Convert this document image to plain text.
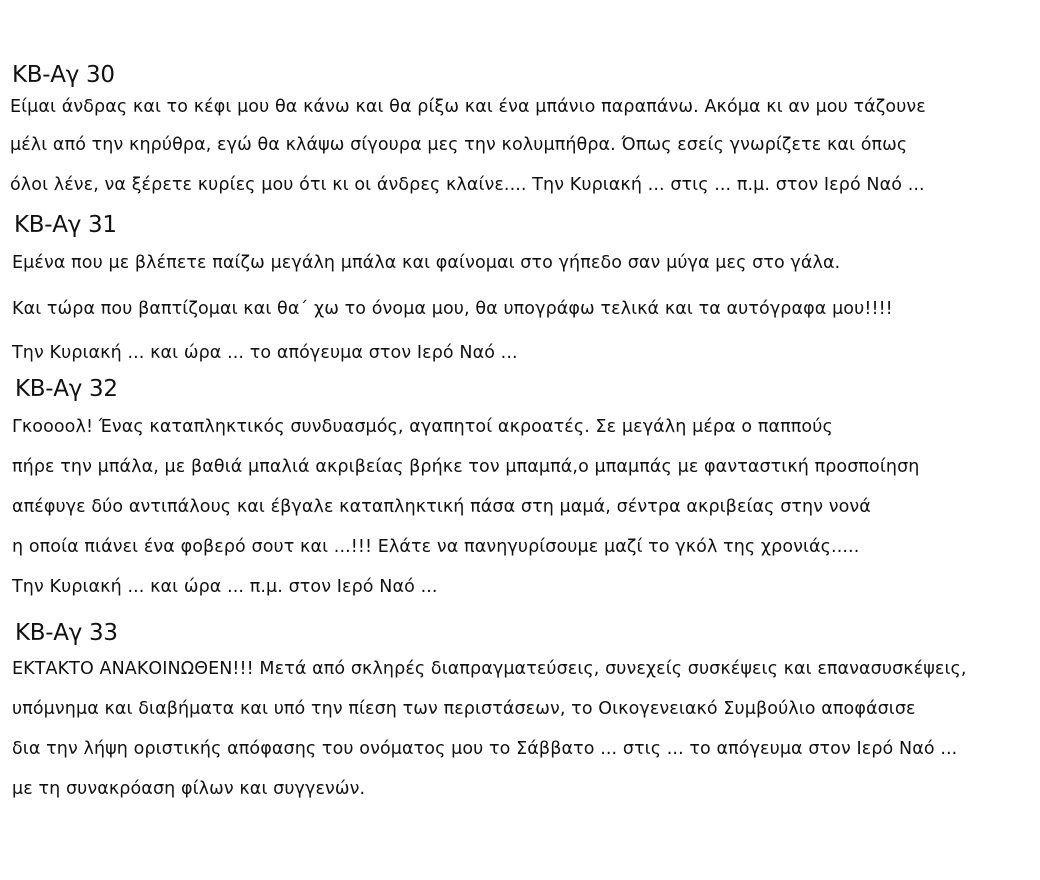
ΚΒ-Αγ 30
Είμαι άνδρας και το κέφι μου θα κάνω και θα ρίξω και ένα μπάνιο παραπάνω. Ακόμα κι αν μου τάζουνε
μέλι από την κηρύθρα, εγώ θα κλάψω σίγουρα μες την κολυμπήθρα. Όπως εσείς γνωρίζετε και όπως
όλοι λένε, να ξέρετε κυρίες μου ότι κι οι άνδρες κλαίνε.... Την Κυριακή ... στις ... π.μ. στον Ιερό Ναό ...
ΚΒ-Αγ 31
Εμένα που με βλέπετε παίζω μεγάλη μπάλα και φαίνομαι στο γήπεδο σαν μύγα μες στο γάλα.
Και τώρα που βαπτίζομαι και θα΄ χω το όνομα μου, θα υπογράφω τελικά και τα αυτόγραφα μου!!!!
Την Κυριακή ... και ώρα ... το απόγευμα στον Ιερό Ναό ...
ΚΒ-Αγ 32
Γκοοοολ! Ένας καταπληκτικός συνδυασμός, αγαπητοί ακροατές. Σε μεγάλη μέρα ο παππούς
πήρε την μπάλα, με βαθιά μπαλιά ακριβείας βρήκε τον μπαμπά,ο μπαμπάς με φανταστική προσποίηση
απέφυγε δύο αντιπάλους και έβγαλε καταπληκτική πάσα στη μαμά, σέντρα ακριβείας στην νονά
η οποία πιάνει ένα φοβερό σουτ και ...!!! Ελάτε να πανηγυρίσουμε μαζί το γκόλ της χρονιάς.....
Την Κυριακή ... και ώρα ... π.μ. στον Ιερό Ναό ...
ΚΒ-Αγ 33
ΕΚΤΑΚΤΟ ΑΝΑΚΟΙΝΩΘΕΝ!!! Μετά από σκληρές διαπραγματεύσεις, συνεχείς συσκέψεις και επανασυσκέψεις,
υπόμνημα και διαβήματα και υπό την πίεση των περιστάσεων, το Οικογενειακό Συμβούλιο αποφάσισε
δια την λήψη οριστικής απόφασης του ονόματος μου το Σάββατο ... στις ... το απόγευμα στον Ιερό Ναό ...
με τη συνακρόαση φίλων και συγγενών.
